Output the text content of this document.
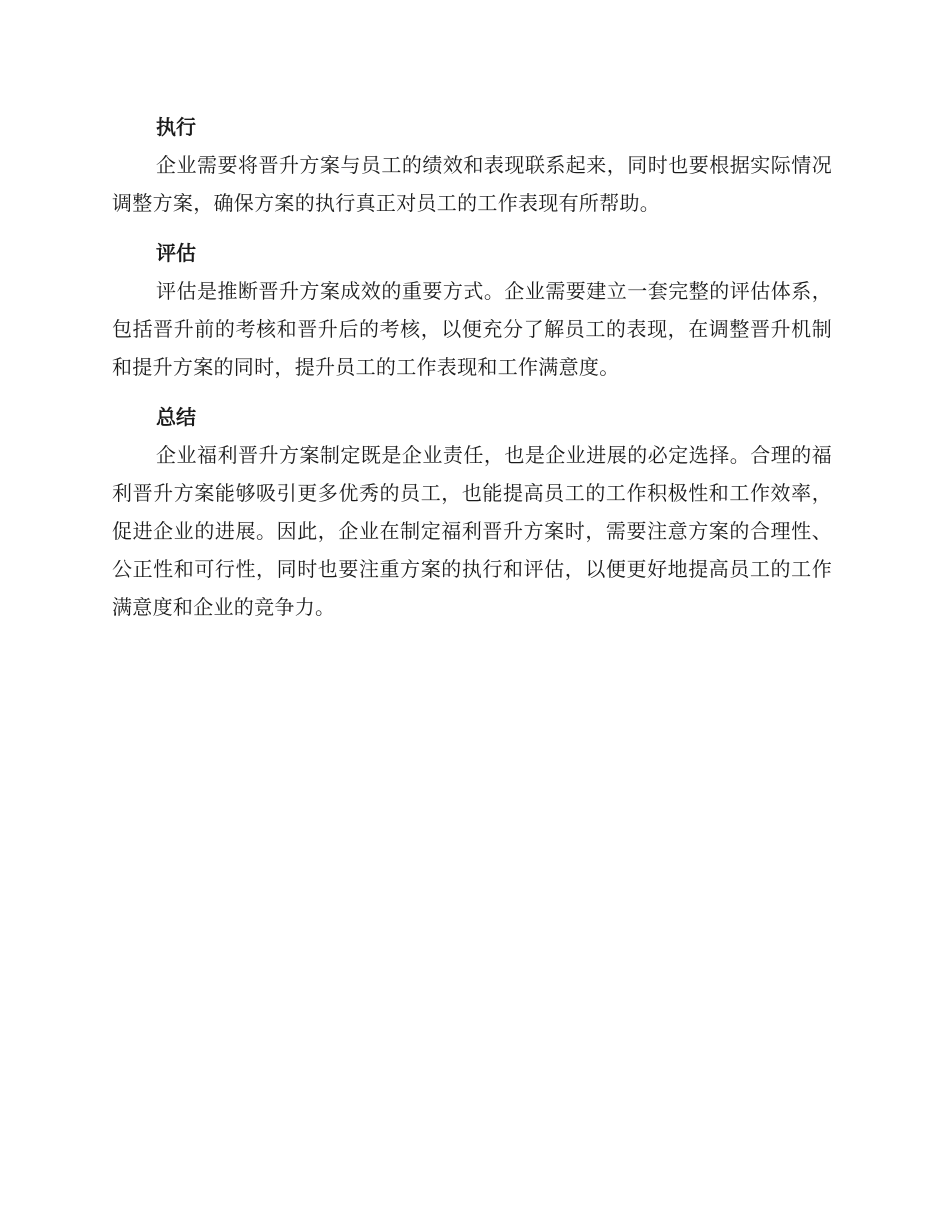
执行

企业需要将晋升方案与员工的绩效和表现联系起来，同时也要根据实际情况调整方案，确保方案的执行真正对员工的工作表现有所帮助。

评估

评估是推断晋升方案成效的重要方式。企业需要建立一套完整的评估体系，包括晋升前的考核和晋升后的考核，以便充分了解员工的表现，在调整晋升机制和提升方案的同时，提升员工的工作表现和工作满意度。

总结

企业福利晋升方案制定既是企业责任，也是企业进展的必定选择。合理的福利晋升方案能够吸引更多优秀的员工，也能提高员工的工作积极性和工作效率，促进企业的进展。因此，企业在制定福利晋升方案时，需要注意方案的合理性、公正性和可行性，同时也要注重方案的执行和评估，以便更好地提高员工的工作满意度和企业的竞争力。
